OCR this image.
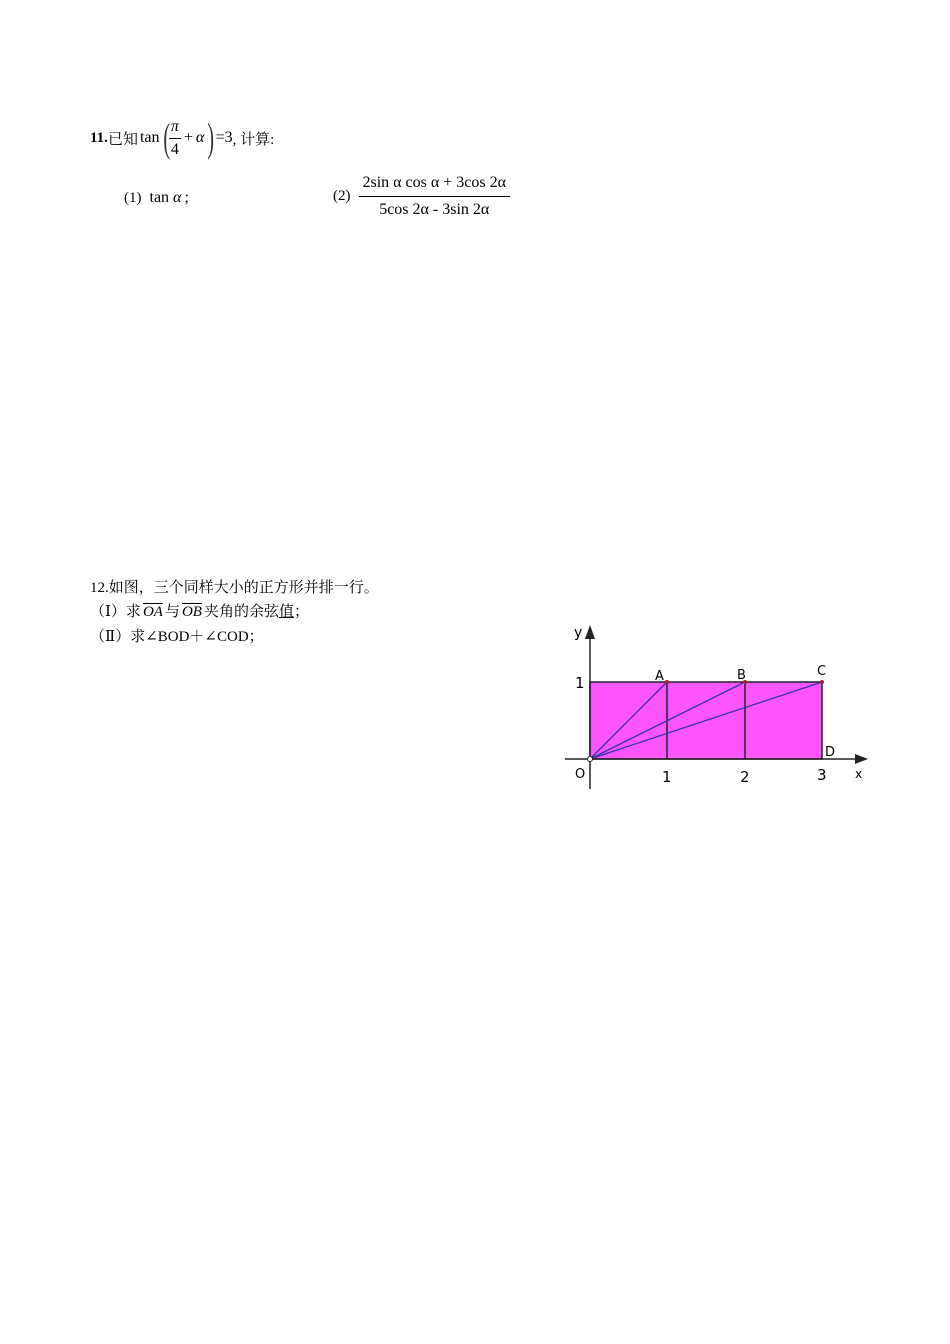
11. 已知 tan ( $\frac{\pi}{4} + \alpha$ ) =3 , 计算:
(1) tan α ;	$(2) \frac{\text{2sin α cos α + 3cos 2α}}{5\cos 2\alpha - 3\sin 2\alpha}$
12.如图，三个同样大小的正方形并排一行。
（Ⅰ）求 $\overline{OA}$ 与 $\overline{OB}$ 夹角的余弦值；
（Ⅱ）求∠BOD＋∠COD；	y
x
O
A	B	C
D
1	2	3
1
